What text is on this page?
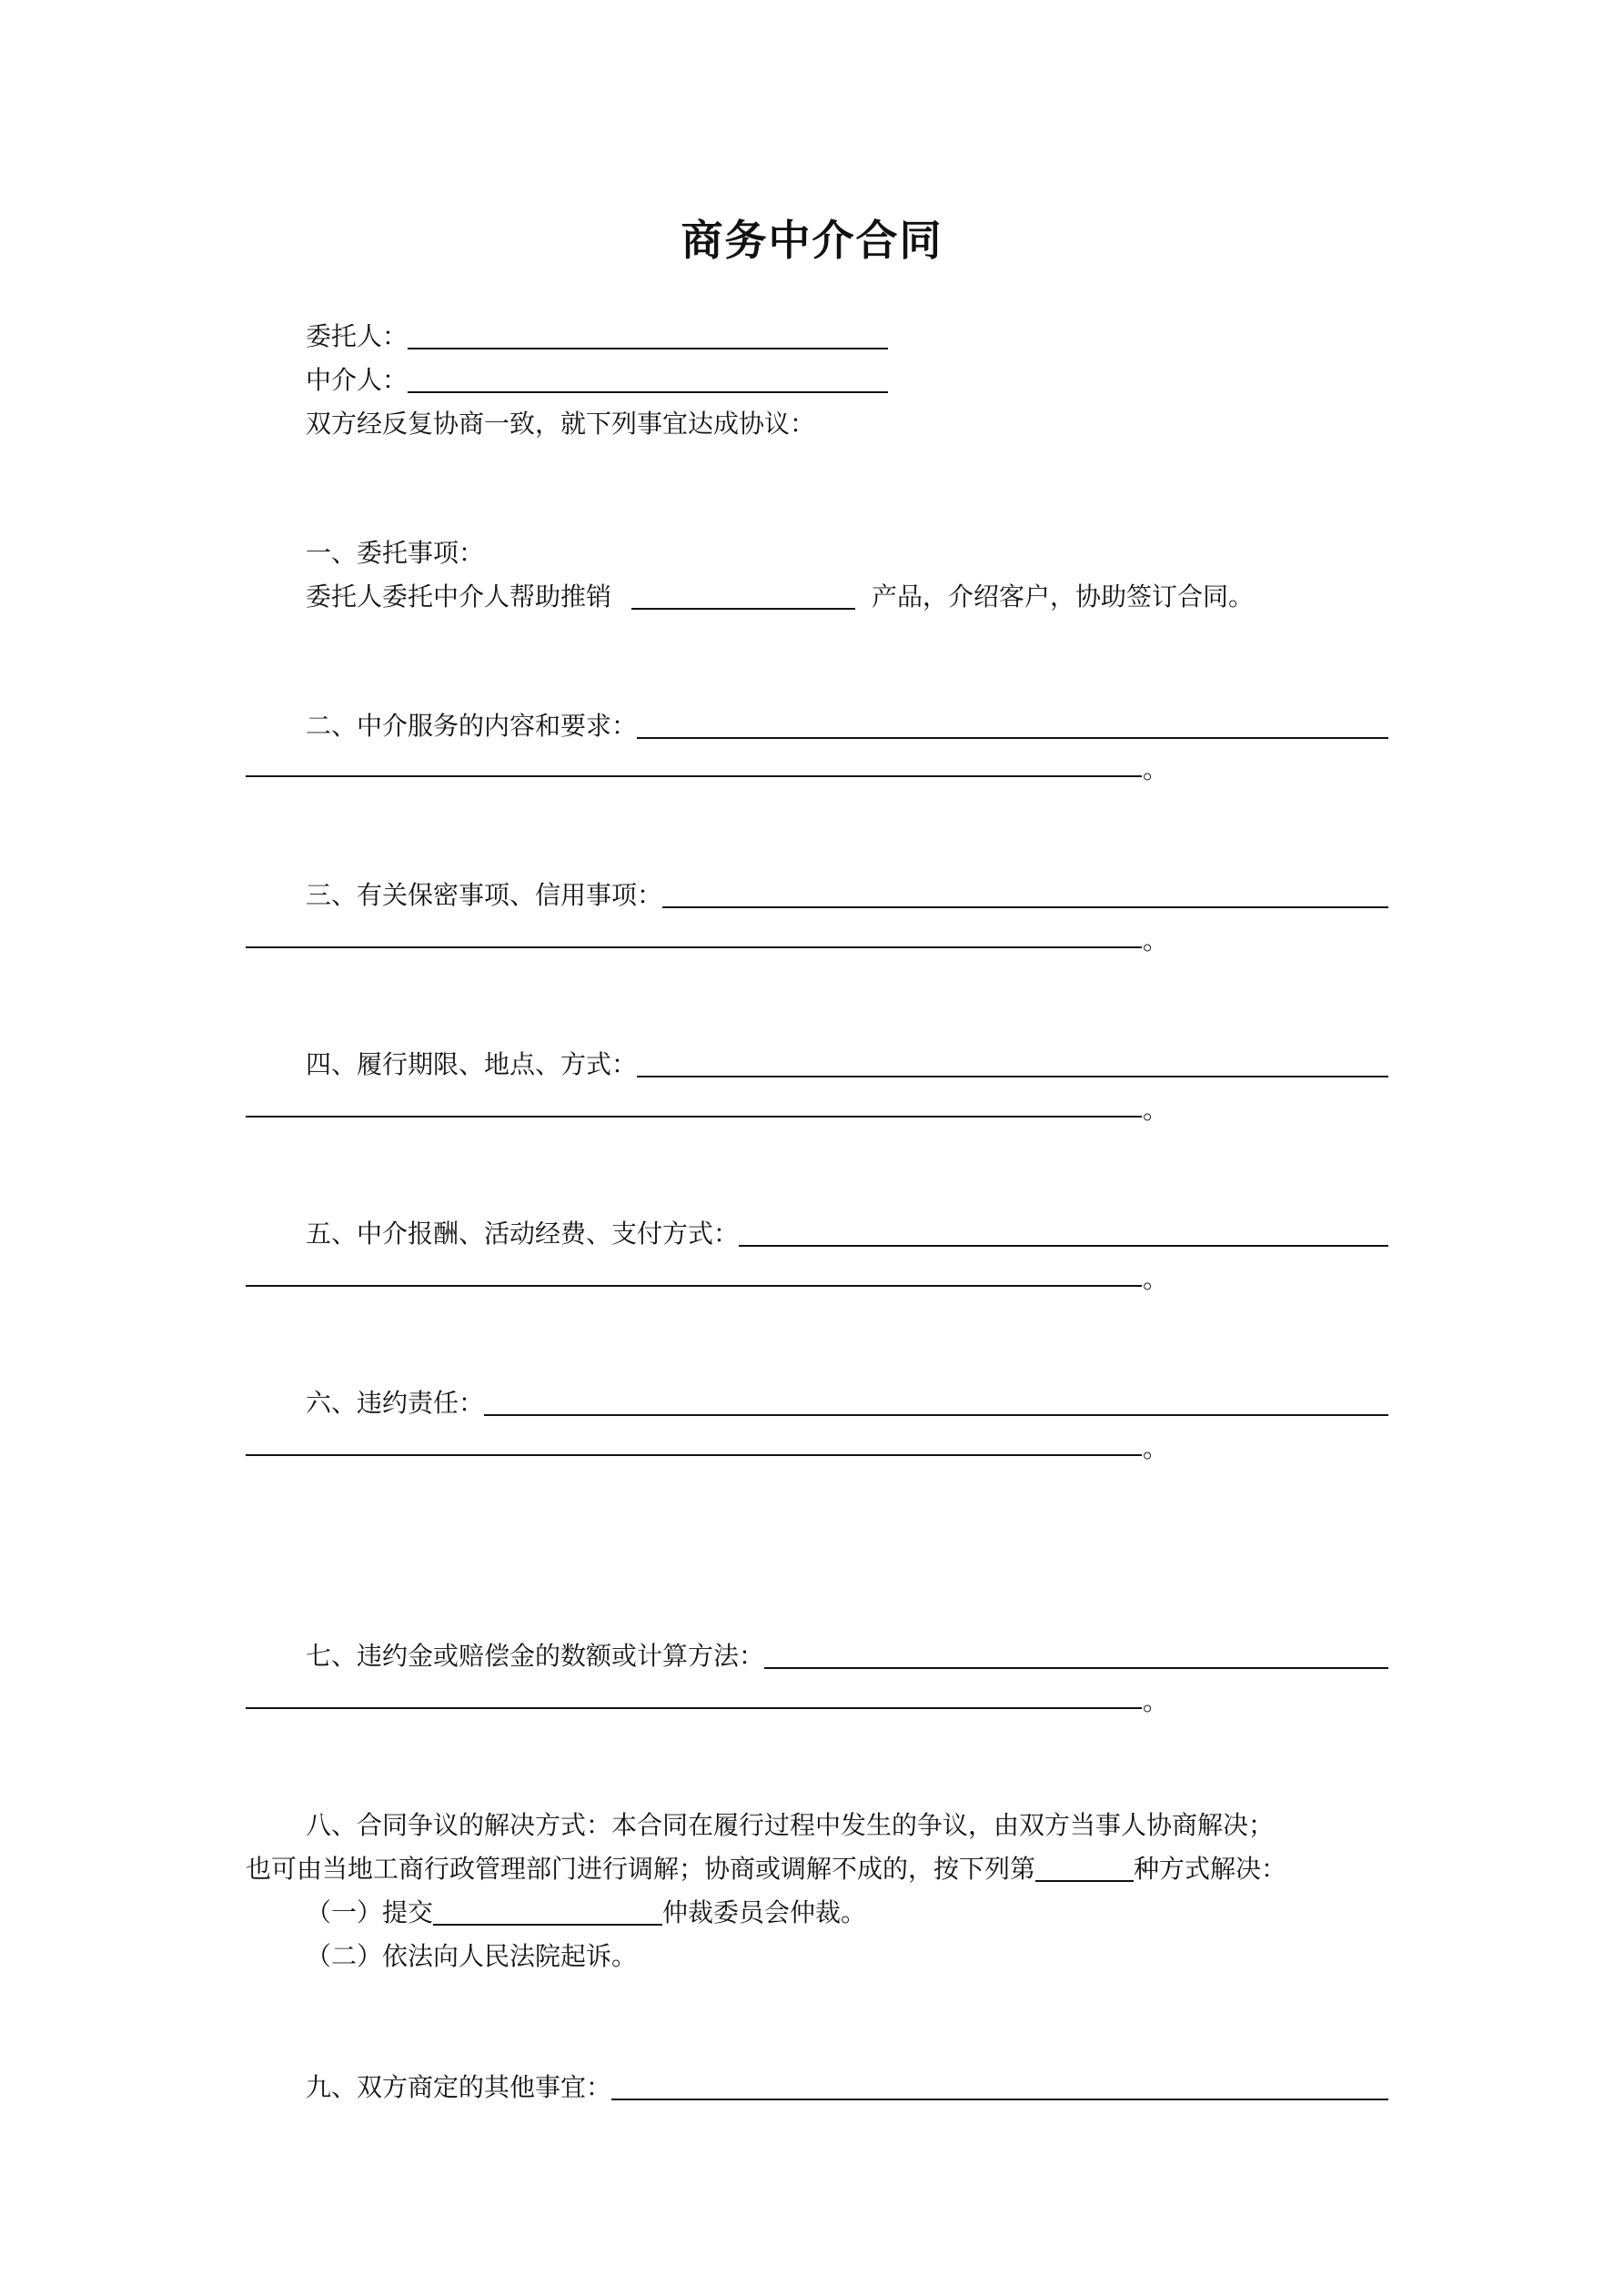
商务中介合同
委托人：
中介人：
双方经反复协商一致，就下列事宜达成协议：
一、委托事项：
委托人委托中介人帮助推销	产品，介绍客户，协助签订合同。
二、中介服务的内容和要求：
。
三、有关保密事项、信用事项：
。
四、履行期限、地点、方式：
。
五、中介报酬、活动经费、支付方式：
。
六、违约责任：
。
七、违约金或赔偿金的数额或计算方法：
。
八、合同争议的解决方式：本合同在履行过程中发生的争议，由双方当事人协商解决；
也可由当地工商行政管理部门进行调解；协商或调解不成的，按下列第	种方式解决：
（一）提交	仲裁委员会仲裁。
（二）依法向人民法院起诉。
九、双方商定的其他事宜：
